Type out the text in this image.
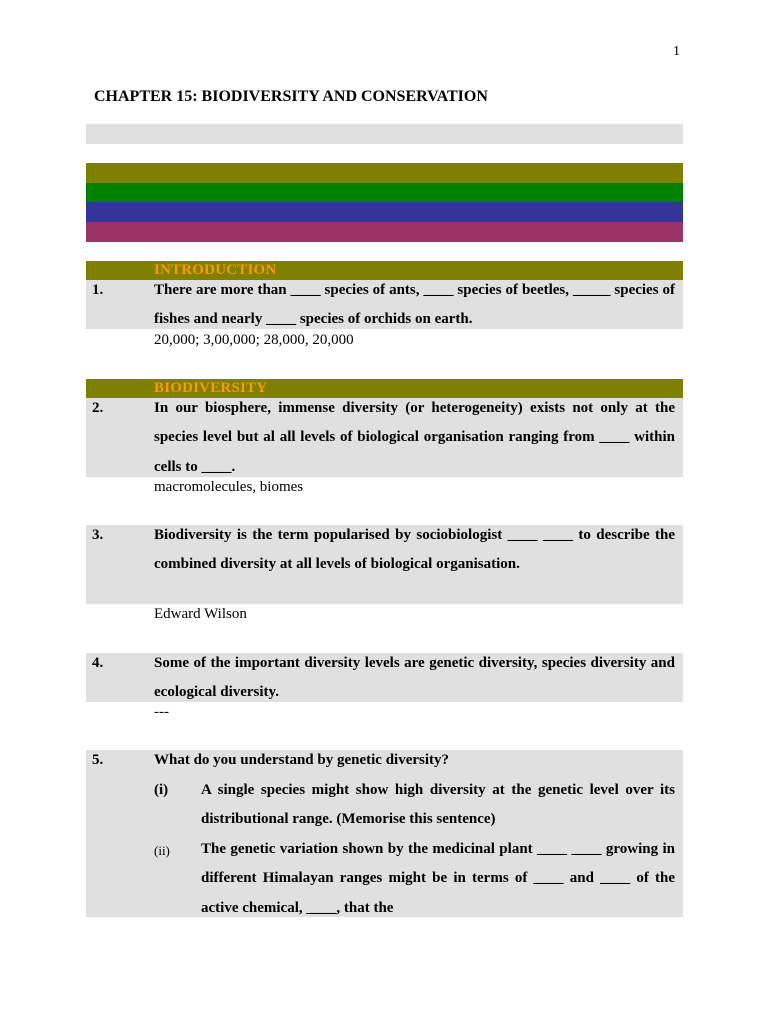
1
CHAPTER 15: BIODIVERSITY AND CONSERVATION
INTRODUCTION
1.	There are more than ____ species of ants, ____ species of beetles, _____ species of fishes and nearly ____ species of orchids on earth.
20,000; 3,00,000; 28,000, 20,000
BIODIVERSITY
2.	In our biosphere, immense diversity (or heterogeneity) exists not only at the species level but al all levels of biological organisation ranging from ____ within cells to ____.
macromolecules, biomes
3.	Biodiversity is the term popularised by sociobiologist ____ ____ to describe the combined diversity at all levels of biological organisation.
Edward Wilson
4.	Some of the important diversity levels are genetic diversity, species diversity and ecological diversity.
---
5.	What do you understand by genetic diversity?
(i) A single species might show high diversity at the genetic level over its distributional range. (Memorise this sentence)
(ii) The genetic variation shown by the medicinal plant ____ ____ growing in different Himalayan ranges might be in terms of ____ and ____ of the active chemical, ____, that the
